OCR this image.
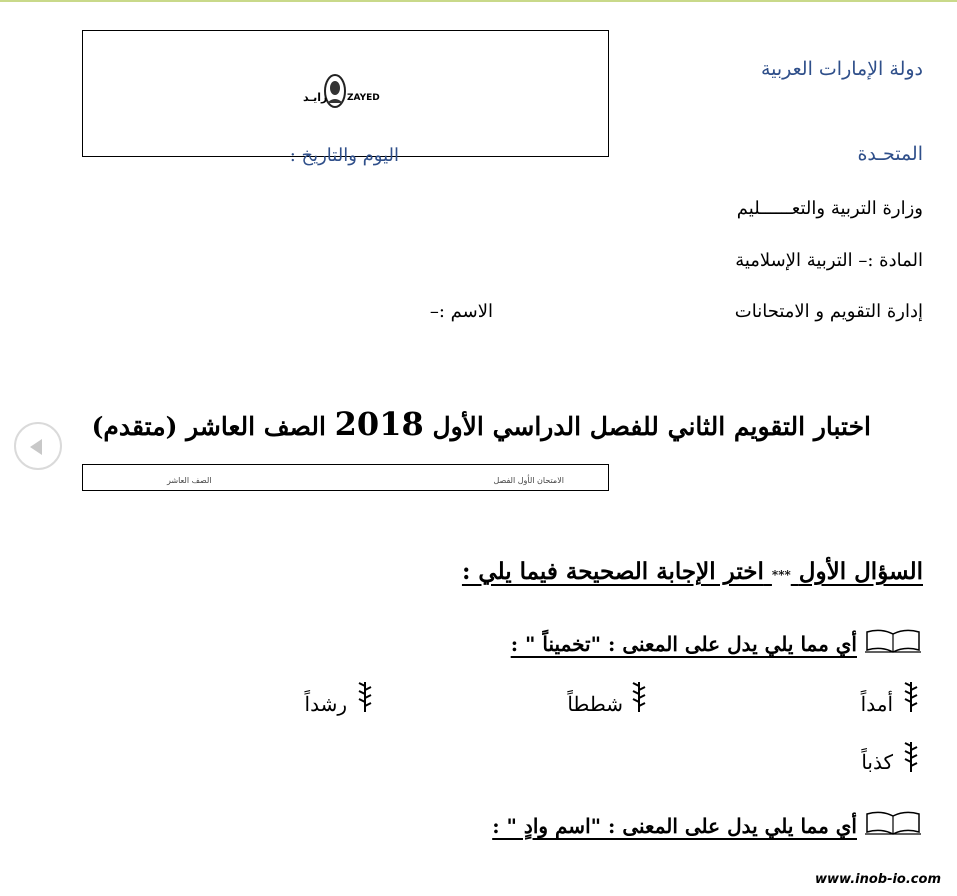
دولة الإمارات العربية
المتحـدة
وزارة التربية والتعــــــليم
المادة :– التربية الإسلامية
إدارة التقويم و الامتحانات
الاسم :–
ZAYED
زايـد
اليوم والتاريخ :
اختبار التقويم الثاني للفصل الدراسي الأول 2018 الصف العاشر (متقدم)
الامتحان الأول الفصل
الصف العاشر
السؤال الأول *** اختر الإجابة الصحيحة فيما يلي :
أي مما يلي يدل على المعنى : "تخميناً " :
أمداً
شططاً
رشداً
كذباً
أي مما يلي يدل على المعنى : "اسم وادٍ " :
www.inob-io.com
